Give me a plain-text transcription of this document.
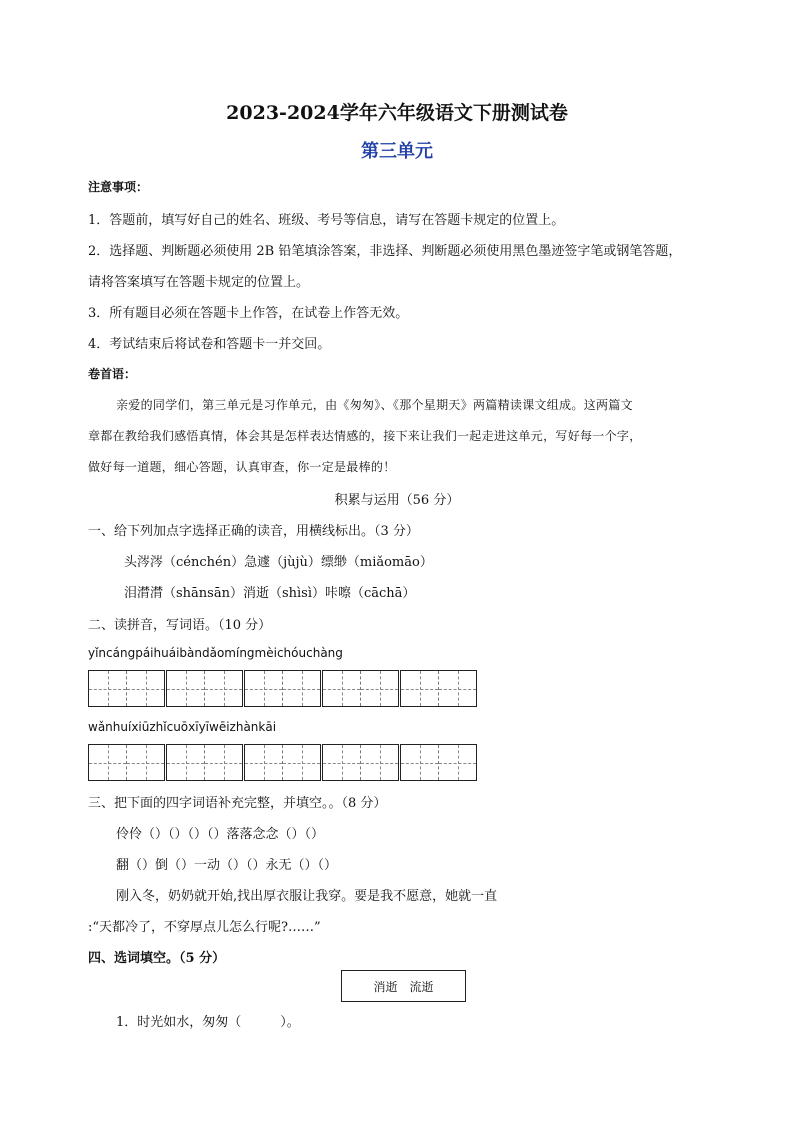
2023-2024学年六年级语文下册测试卷
第三单元
注意事项：
1．答题前，填写好自己的姓名、班级、考号等信息，请写在答题卡规定的位置上。
2．选择题、判断题必须使用 2B 铅笔填涂答案，非选择、判断题必须使用黑色墨迹签字笔或钢笔答题，
请将答案填写在答题卡规定的位置上。
3．所有题目必须在答题卡上作答，在试卷上作答无效。
4．考试结束后将试卷和答题卡一并交回。
卷首语：
亲爱的同学们，第三单元是习作单元，由《匆匆》、《那个星期天》两篇精读课文组成。这两篇文
章都在教给我们感悟真情，体会其是怎样表达情感的，接下来让我们一起走进这单元，写好每一个字，
做好每一道题，细心答题，认真审查，你一定是最棒的！
积累与运用（56 分）
一、给下列加点字选择正确的读音，用横线标出。（3 分）
头涔涔（cénchén）急遽（jùjù）缥缈（miǎomāo）
泪潸潸（shānsān）消逝（shìsì）咔嚓（cāchā）
二、读拼音，写词语。（10 分）
yǐncángpáihuáibàndǎomíngmèichóuchàng
wǎnhuíxiūzhǐcuōxīyīwēizhànkāi
三、把下面的四字词语补充完整，并填空。。（8 分）
伶伶（）（）（）（）落落念念（）（）
翻（）倒（）一动（）（）永无（）（）
刚入冬，奶奶就开始,找出厚衣服让我穿。要是我不愿意，她就一直
:“天都冷了，不穿厚点儿怎么行呢?……”
四、选词填空。（5 分）
消逝　流逝
1．时光如水，匆匆（　　　）。
